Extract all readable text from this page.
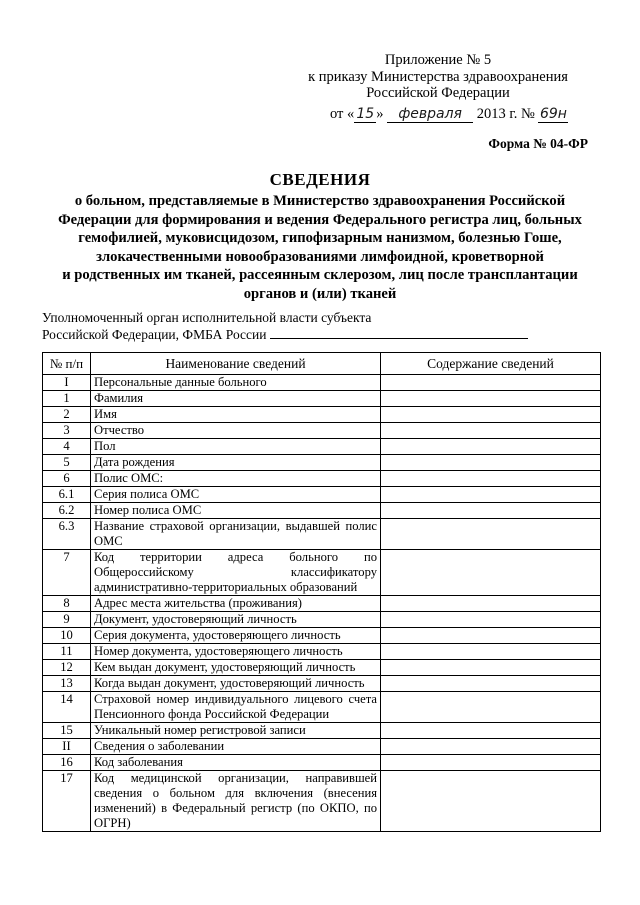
Приложение № 5
к приказу Министерства здравоохранения
Российской Федерации
от « 15 » февраля 2013 г. № 69н
Форма № 04-ФР
СВЕДЕНИЯ
о больном, представляемые в Министерство здравоохранения Российской
Федерации для формирования и ведения Федерального регистра лиц, больных
гемофилией, муковисцидозом, гипофизарным нанизмом, болезнью Гоше,
злокачественными новообразованиями лимфоидной, кроветворной
и родственных им тканей, рассеянным склерозом, лиц после трансплантации
органов и (или) тканей
Уполномоченный орган исполнительной власти субъекта
Российской Федерации, ФМБА России
№ п/п	Наименование сведений	Содержание сведений
I	Персональные данные больного	
1	Фамилия	
2	Имя	
3	Отчество	
4	Пол	
5	Дата рождения	
6	Полис ОМС:	
6.1	Серия полиса ОМС	
6.2	Номер полиса ОМС	
6.3	Название страховой организации, выдавшей полис ОМС	
7	Код территории адреса больного по Общероссийскому классификатору административно-территориальных образований	
8	Адрес места жительства (проживания)	
9	Документ, удостоверяющий личность	
10	Серия документа, удостоверяющего личность	
11	Номер документа, удостоверяющего личность	
12	Кем выдан документ, удостоверяющий личность	
13	Когда выдан документ, удостоверяющий личность	
14	Страховой номер индивидуального лицевого счета Пенсионного фонда Российской Федерации	
15	Уникальный номер регистровой записи	
II	Сведения о заболевании	
16	Код заболевания	
17	Код медицинской организации, направившей сведения о больном для включения (внесения изменений) в Федеральный регистр (по ОКПО, по ОГРН)	
